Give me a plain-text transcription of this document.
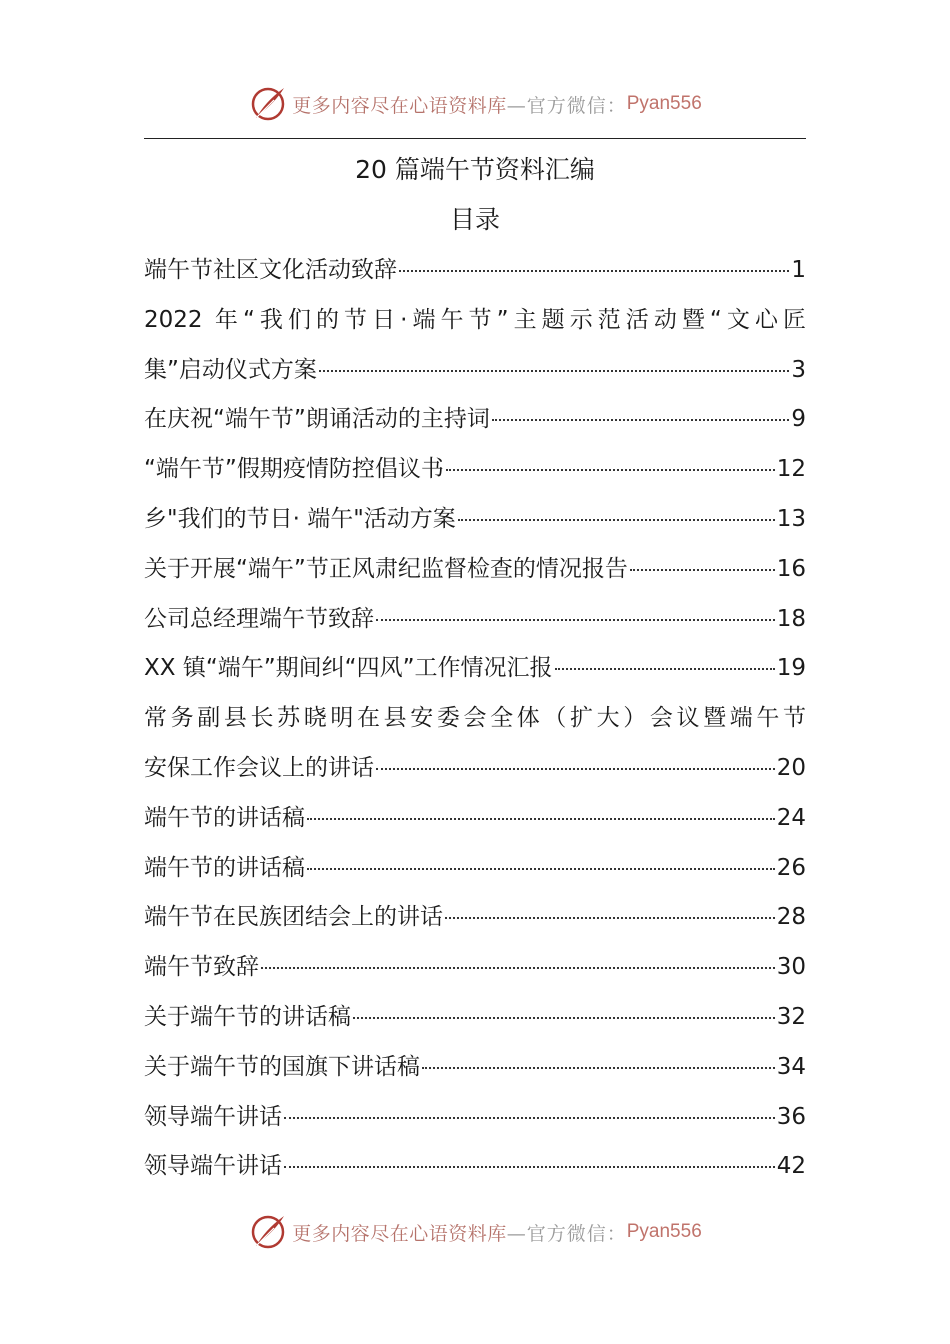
更多内容尽在心语资料库 —官方微信： Pyan556
20 篇端午节资料汇编
目录
端午节社区文化活动致辞	1
2022 年“我们的节日·端午节”主题示范活动暨“文心匠
集”启动仪式方案	3
在庆祝“端午节”朗诵活动的主持词	9
“端午节”假期疫情防控倡议书	12
乡"我们的节日· 端午"活动方案	13
关于开展“端午”节正风肃纪监督检查的情况报告	16
公司总经理端午节致辞	18
XX 镇“端午”期间纠“四风”工作情况汇报	19
常务副县长苏晓明在县安委会全体（扩大）会议暨端午节
安保工作会议上的讲话	20
端午节的讲话稿	24
端午节的讲话稿	26
端午节在民族团结会上的讲话	28
端午节致辞	30
关于端午节的讲话稿	32
关于端午节的国旗下讲话稿	34
领导端午讲话	36
领导端午讲话	42
更多内容尽在心语资料库 —官方微信： Pyan556
